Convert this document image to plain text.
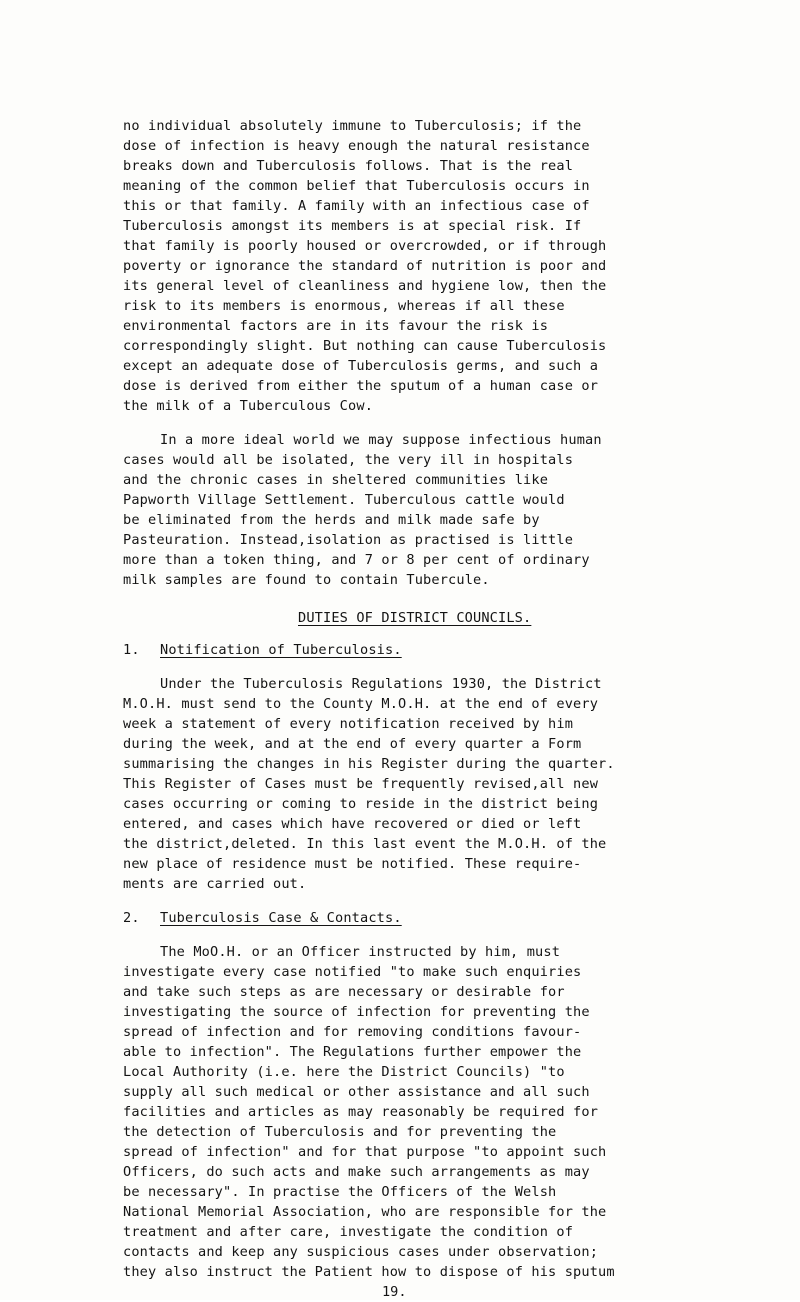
no individual absolutely immune to Tuberculosis; if the
dose of infection is heavy enough the natural resistance
breaks down and Tuberculosis follows. That is the real
meaning of the common belief that Tuberculosis occurs in
this or that family. A family with an infectious case of
Tuberculosis amongst its members is at special risk. If
that family is poorly housed or overcrowded, or if through
poverty or ignorance the standard of nutrition is poor and
its general level of cleanliness and hygiene low, then the
risk to its members is enormous, whereas if all these
environmental factors are in its favour the risk is
correspondingly slight. But nothing can cause Tuberculosis
except an adequate dose of Tuberculosis germs, and such a
dose is derived from either the sputum of a human case or
the milk of a Tuberculous Cow.
In a more ideal world we may suppose infectious human
cases would all be isolated, the very ill in hospitals
and the chronic cases in sheltered communities like
Papworth Village Settlement. Tuberculous cattle would
be eliminated from the herds and milk made safe by
Pasteuration. Instead,isolation as practised is little
more than a token thing, and 7 or 8 per cent of ordinary
milk samples are found to contain Tubercule.
DUTIES OF DISTRICT COUNCILS.
1. Notification of Tuberculosis.
Under the Tuberculosis Regulations 1930, the District
M.O.H. must send to the County M.O.H. at the end of every
week a statement of every notification received by him
during the week, and at the end of every quarter a Form
summarising the changes in his Register during the quarter.
This Register of Cases must be frequently revised,all new
cases occurring or coming to reside in the district being
entered, and cases which have recovered or died or left
the district,deleted. In this last event the M.O.H. of the
new place of residence must be notified. These require-
ments are carried out.
2. Tuberculosis Case & Contacts.
The MoO.H. or an Officer instructed by him, must
investigate every case notified "to make such enquiries
and take such steps as are necessary or desirable for
investigating the source of infection for preventing the
spread of infection and for removing conditions favour-
able to infection". The Regulations further empower the
Local Authority (i.e. here the District Councils) "to
supply all such medical or other assistance and all such
facilities and articles as may reasonably be required for
the detection of Tuberculosis and for preventing the
spread of infection" and for that purpose "to appoint such
Officers, do such acts and make such arrangements as may
be necessary". In practise the Officers of the Welsh
National Memorial Association, who are responsible for the
treatment and after care, investigate the condition of
contacts and keep any suspicious cases under observation;
they also instruct the Patient how to dispose of his sputum
19.
